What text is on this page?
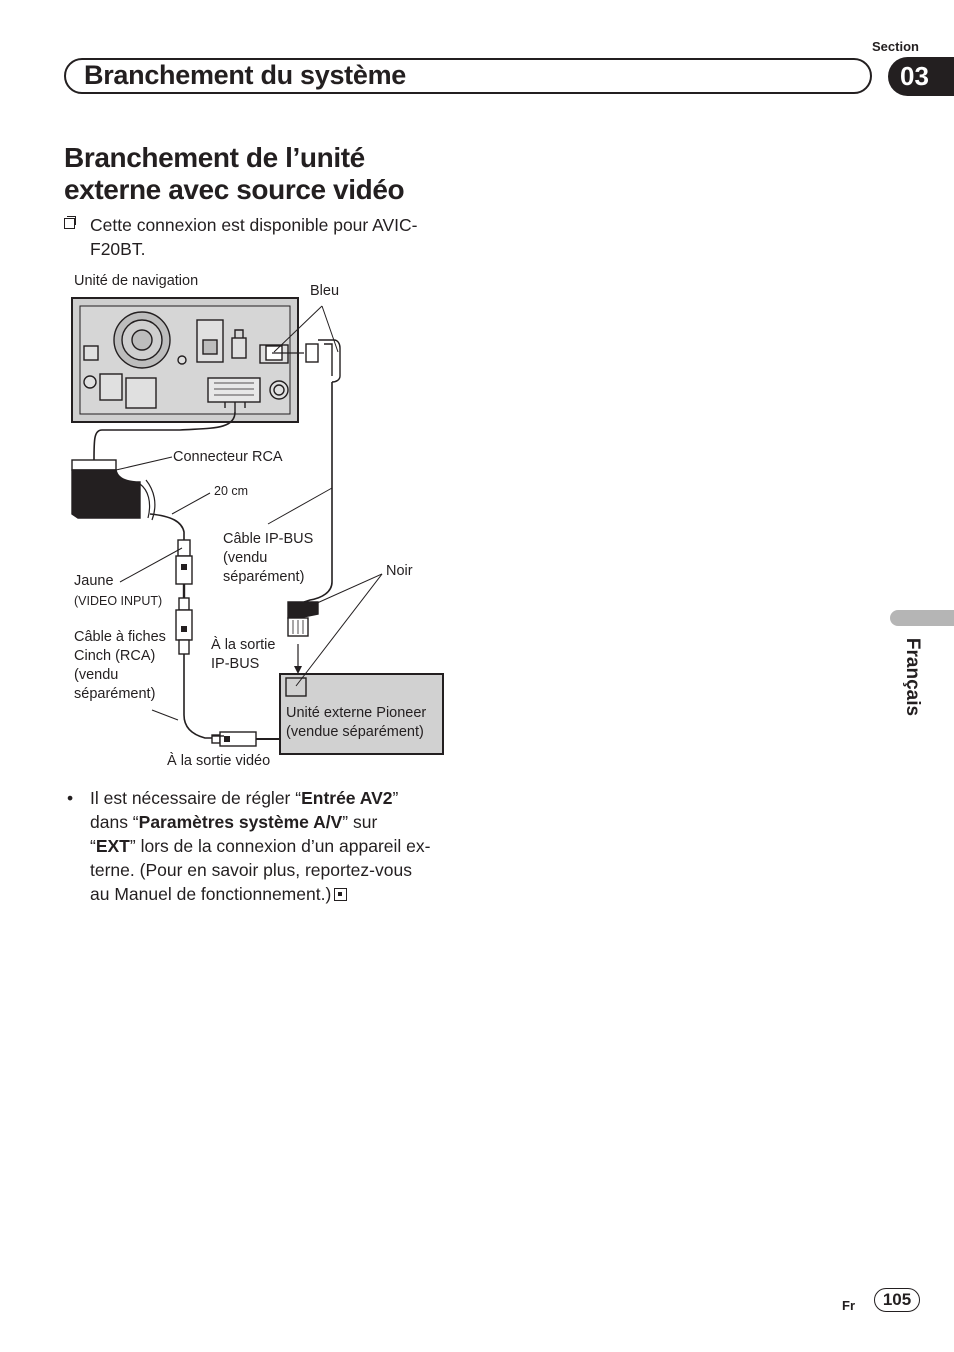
Section
Branchement du système	03
Français
Branchement de l’unité
externe avec source vidéo
Cette connexion est disponible pour AVIC-
F20BT.
Unité de navigation
Bleu
Connecteur RCA
20 cm
Câble IP-BUS
(vendu
séparément)	Noir
Jaune
(VIDEO INPUT)
Câble à fiches
Cinch (RCA)
(vendu
séparément)
À la sortie
IP-BUS
Unité externe Pioneer
(vendue séparément)
À la sortie vidéo
• Il est nécessaire de régler “Entrée AV2”
dans “Paramètres système A/V” sur
“EXT” lors de la connexion d’un appareil ex-
terne. (Pour en savoir plus, reportez-vous
au Manuel de fonctionnement.)
Fr	105
